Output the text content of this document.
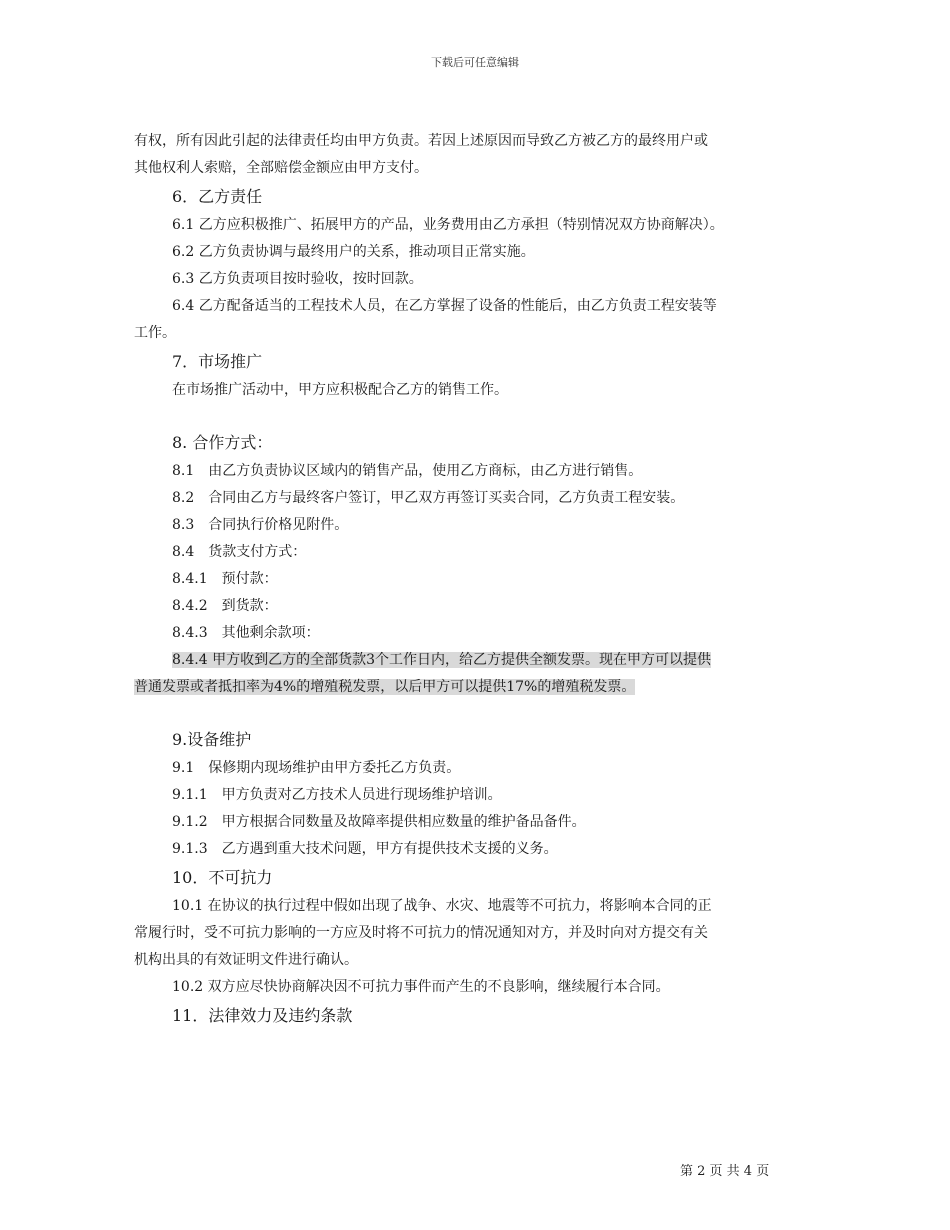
下载后可任意编辑

有权，所有因此引起的法律责任均由甲方负责。若因上述原因而导致乙方被乙方的最终用户或

其他权利人索赔，全部赔偿金额应由甲方支付。

6．乙方责任

6.1 乙方应积极推广、拓展甲方的产品，业务费用由乙方承担（特别情况双方协商解决）。

6.2 乙方负责协调与最终用户的关系，推动项目正常实施。

6.3 乙方负责项目按时验收，按时回款。

6.4 乙方配备适当的工程技术人员，在乙方掌握了设备的性能后，由乙方负责工程安装等

工作。

7．市场推广

在市场推广活动中，甲方应积极配合乙方的销售工作。

8. 合作方式：

8.1　由乙方负责协议区域内的销售产品，使用乙方商标，由乙方进行销售。

8.2　合同由乙方与最终客户签订，甲乙双方再签订买卖合同，乙方负责工程安装。

8.3　合同执行价格见附件。

8.4　货款支付方式：

8.4.1　预付款：

8.4.2　到货款：

8.4.3　其他剩余款项：

8.4.4 甲方收到乙方的全部货款3个工作日内，给乙方提供全额发票。现在甲方可以提供

普通发票或者抵扣率为4%的增殖税发票，以后甲方可以提供17%的增殖税发票。

9.设备维护

9.1　保修期内现场维护由甲方委托乙方负责。

9.1.1　甲方负责对乙方技术人员进行现场维护培训。

9.1.2　甲方根据合同数量及故障率提供相应数量的维护备品备件。

9.1.3　乙方遇到重大技术问题，甲方有提供技术支援的义务。

10．不可抗力

10.1 在协议的执行过程中假如出现了战争、水灾、地震等不可抗力，将影响本合同的正

常履行时，受不可抗力影响的一方应及时将不可抗力的情况通知对方，并及时向对方提交有关

机构出具的有效证明文件进行确认。

10.2 双方应尽快协商解决因不可抗力事件而产生的不良影响，继续履行本合同。

11．法律效力及违约条款

第 2 页 共 4 页
